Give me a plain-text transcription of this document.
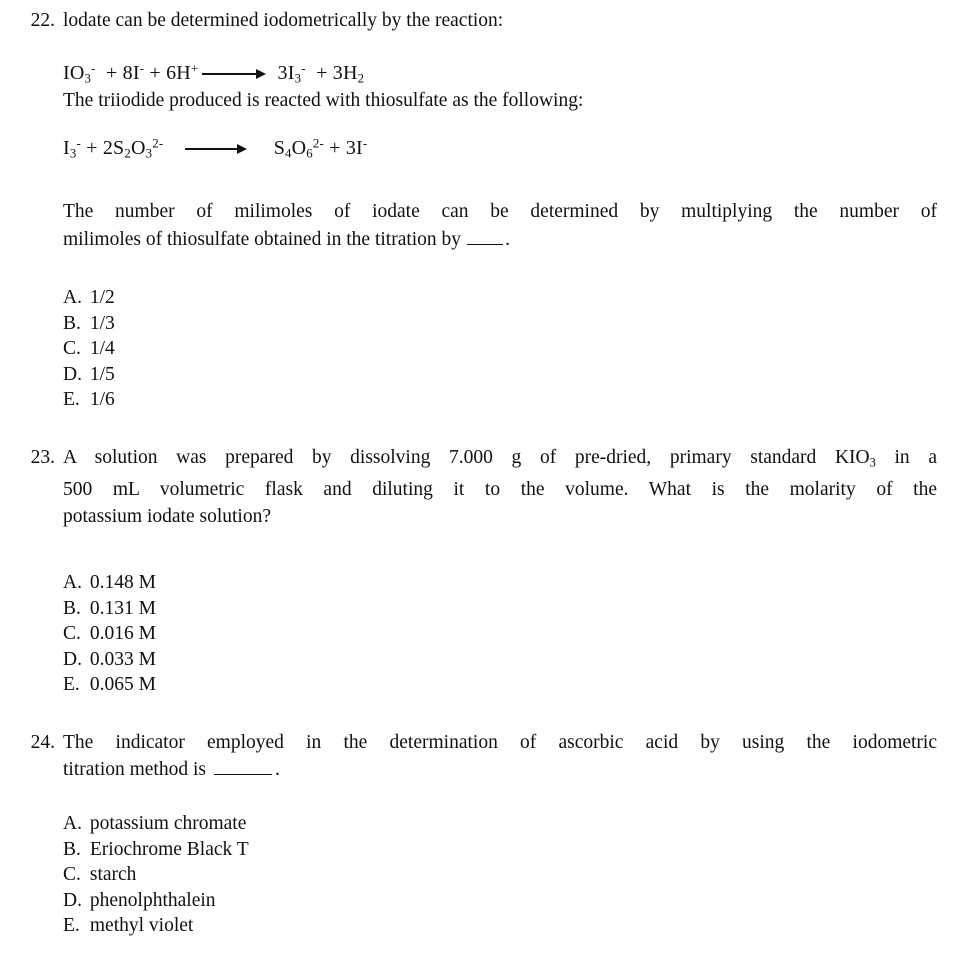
22. lodate can be determined iodometrically by the reaction:
$IO_3^- + 8I^- + 6H^+$	$3I_3^- + 3H_2$
The triiodide produced is reacted with thiosulfate as the following:
$I_3^- + 2S_2O_3^{2-}$	$S_4O_6^{2-} + 3I^-$
The number of milimoles of iodate can be determined by multiplying the number of
milimoles of thiosulfate obtained in the titration by .
A. 1/2
B. 1/3
C. 1/4
D. 1/5
E. 1/6
23. A solution was prepared by dissolving 7.000 g of pre-dried, primary standard $KIO_3$ in a
500 mL volumetric flask and diluting it to the volume. What is the molarity of the
potassium iodate solution?
A. 0.148 M
B. 0.131 M
C. 0.016 M
D. 0.033 M
E. 0.065 M
24. The indicator employed in the determination of ascorbic acid by using the iodometric
titration method is	.
A. potassium chromate
B. Eriochrome Black T
C. starch
D. phenolphthalein
E. methyl violet
